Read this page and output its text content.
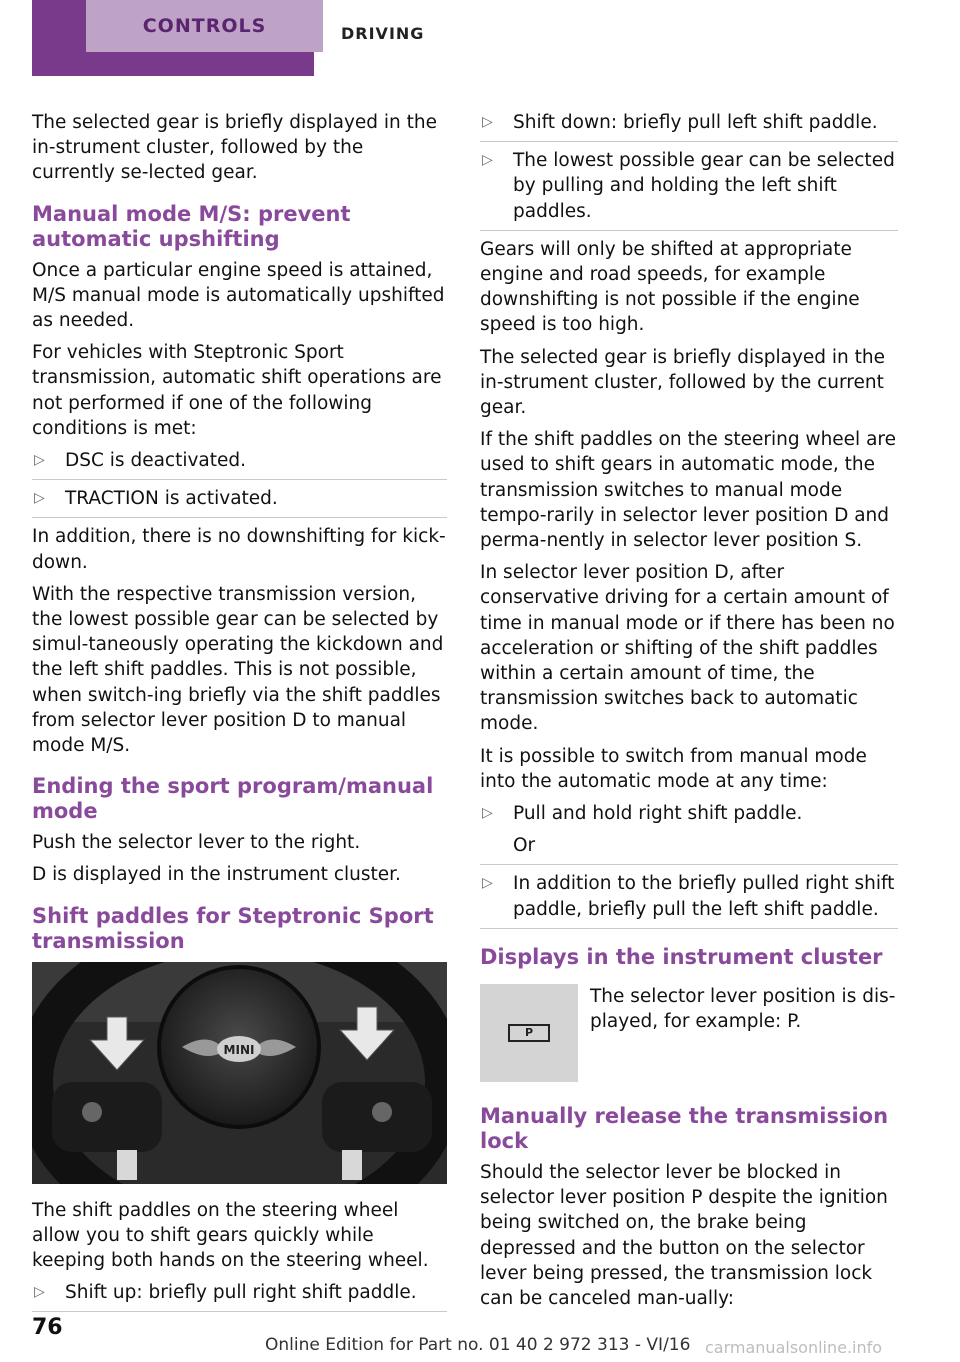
CONTROLS	DRIVING

The selected gear is briefly displayed in the in‐strument cluster, followed by the currently se‐lected gear.

Manual mode M/S: prevent automatic upshifting

Once a particular engine speed is attained, M/S manual mode is automatically upshifted as needed.

For vehicles with Steptronic Sport transmission, automatic shift operations are not performed if one of the following conditions is met:

▷ DSC is deactivated.
▷ TRACTION is activated.

In addition, there is no downshifting for kick‐down.

With the respective transmission version, the lowest possible gear can be selected by simul‐taneously operating the kickdown and the left shift paddles. This is not possible, when switch‐ing briefly via the shift paddles from selector lever position D to manual mode M/S.

Ending the sport program/manual mode

Push the selector lever to the right.

D is displayed in the instrument cluster.

Shift paddles for Steptronic Sport transmission
MINI

The shift paddles on the steering wheel allow you to shift gears quickly while keeping both hands on the steering wheel.

▷ Shift up: briefly pull right shift paddle.
▷ Shift down: briefly pull left shift paddle.
▷ The lowest possible gear can be selected by pulling and holding the left shift paddles.

Gears will only be shifted at appropriate engine and road speeds, for example downshifting is not possible if the engine speed is too high.

The selected gear is briefly displayed in the in‐strument cluster, followed by the current gear.

If the shift paddles on the steering wheel are used to shift gears in automatic mode, the transmission switches to manual mode tempo‐rarily in selector lever position D and perma‐nently in selector lever position S.

In selector lever position D, after conservative driving for a certain amount of time in manual mode or if there has been no acceleration or shifting of the shift paddles within a certain amount of time, the transmission switches back to automatic mode.

It is possible to switch from manual mode into the automatic mode at any time:

▷ Pull and hold right shift paddle.
Or
▷ In addition to the briefly pulled right shift paddle, briefly pull the left shift paddle.
Displays in the instrument cluster
P
The selector lever position is dis‐played, for example: P.
Manually release the transmission lock

Should the selector lever be blocked in selector lever position P despite the ignition being switched on, the brake being depressed and the button on the selector lever being pressed, the transmission lock can be canceled man‐ually:

76
Online Edition for Part no. 01 40 2 972 313 - VI/16 carmanualsonline.info
